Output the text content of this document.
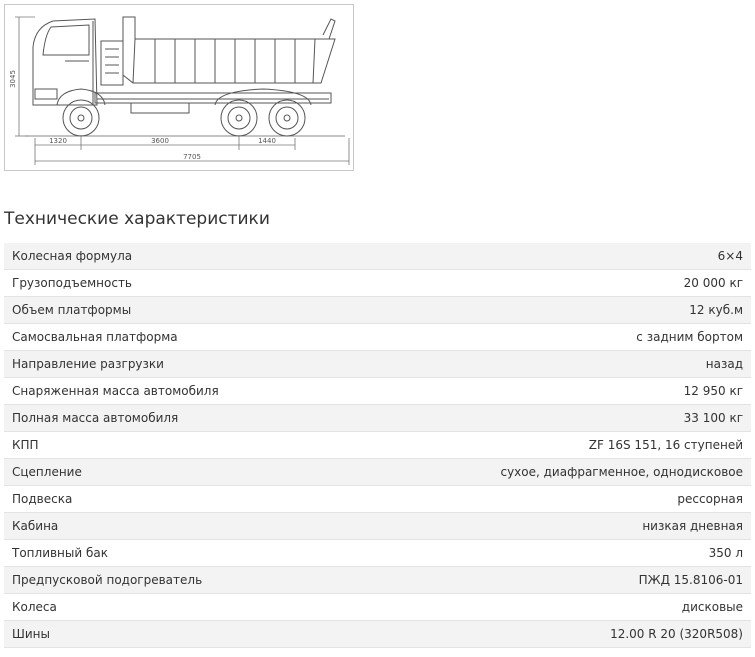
3045
1320	3600	1440
7705
Технические характеристики
Колесная формула	6×4
Грузоподъемность	20 000 кг
Объем платформы	12 куб.м
Самосвальная платформа	с задним бортом
Направление разгрузки	назад
Снаряженная масса автомобиля	12 950 кг
Полная масса автомобиля	33 100 кг
КПП	ZF 16S 151, 16 ступеней
Сцепление	сухое, диафрагменное, однодисковое
Подвеска	рессорная
Кабина	низкая дневная
Топливный бак	350 л
Предпусковой подогреватель	ПЖД 15.8106-01
Колеса	дисковые
Шины	12.00 R 20 (320R508)
